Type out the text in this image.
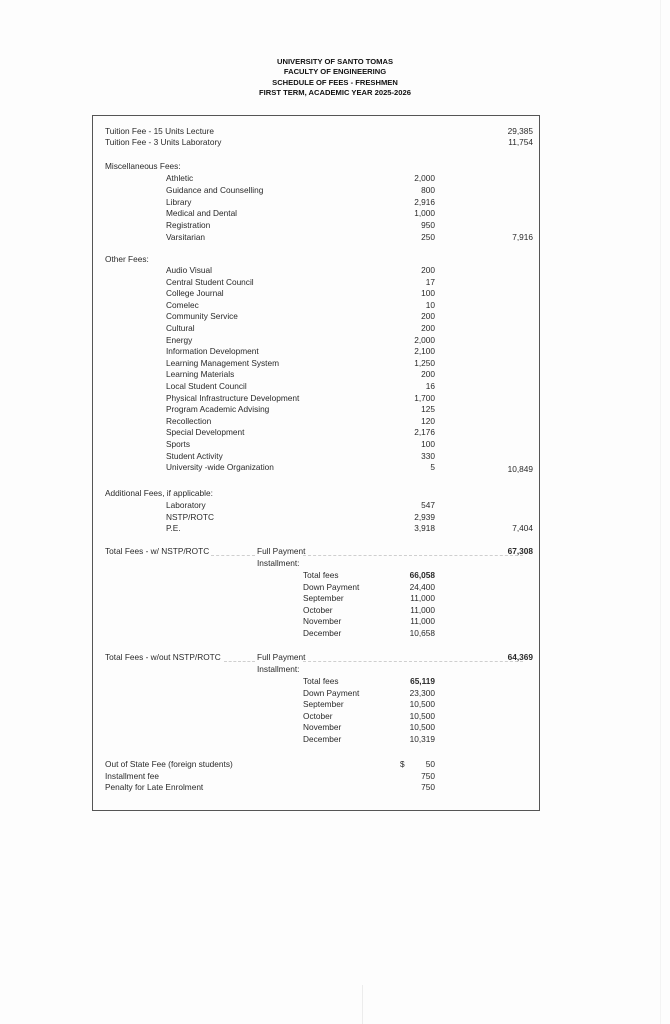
UNIVERSITY OF SANTO TOMAS
FACULTY OF ENGINEERING
SCHEDULE OF FEES - FRESHMEN
FIRST TERM, ACADEMIC YEAR 2025-2026
Tuition Fee - 15 Units Lecture	29,385
Tuition Fee - 3 Units Laboratory	11,754
Miscellaneous Fees:
Athletic	2,000
Guidance and Counselling	800
Library	2,916
Medical and Dental	1,000
Registration	950
Varsitarian	250	7,916
Other Fees:
Audio Visual	200
Central Student Council	17
College Journal	100
Comelec	10
Community Service	200
Cultural	200
Energy	2,000
Information Development	2,100
Learning Management System	1,250
Learning Materials	200
Local Student Council	16
Physical Infrastructure Development	1,700
Program Academic Advising	125
Recollection	120
Special Development	2,176
Sports	100
Student Activity	330
University -wide Organization	5	10,849
Additional Fees, if applicable:
Laboratory	547
NSTP/ROTC	2,939
P.E.	3,918	7,404
Total Fees - w/ NSTP/ROTC	Full Payment	67,308
Installment:
Total fees	66,058
Down Payment	24,400
September	11,000
October	11,000
November	11,000
December	10,658
Total Fees - w/out NSTP/ROTC	Full Payment	64,369
Installment:
Total fees	65,119
Down Payment	23,300
September	10,500
October	10,500
November	10,500
December	10,319
Out of State Fee (foreign students)	$	50
Installment fee	750
Penalty for Late Enrolment	750
